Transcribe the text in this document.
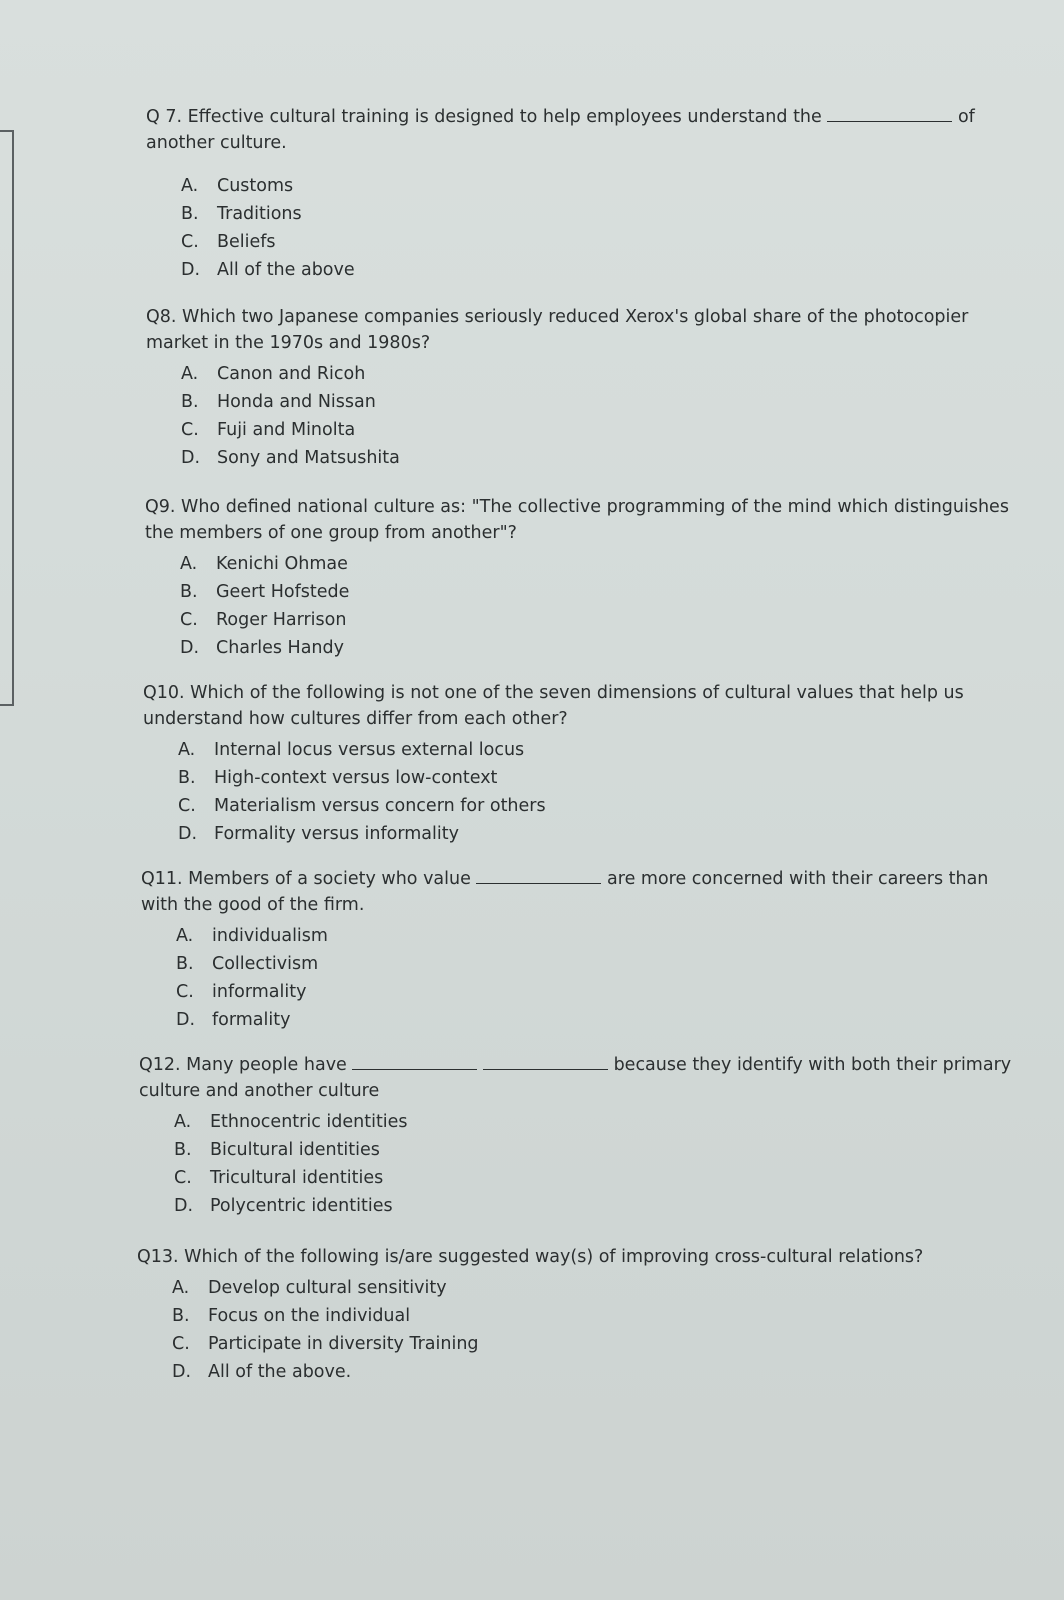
Q 7. Effective cultural training is designed to help employees understand the	of another culture.

A.	Customs
B.	Traditions
C.	Beliefs
D. All of the above

Q8. Which two Japanese companies seriously reduced Xerox's global share of the photocopier market in the 1970s and 1980s?

A.	Canon and Ricoh
B.	Honda and Nissan
C.	Fuji and Minolta
D. Sony and Matsushita

Q9. Who defined national culture as: "The collective programming of the mind which distinguishes the members of one group from another"?

A.	Kenichi Ohmae
B.	Geert Hofstede
C.	Roger Harrison
D. Charles Handy

Q10. Which of the following is not one of the seven dimensions of cultural values that help us understand how cultures differ from each other?

A.	Internal locus versus external locus
B.	High-context versus low-context
C.	Materialism versus concern for others
D. Formality versus informality

Q11. Members of a society who value	are more concerned with their careers than with the good of the firm.

A.	individualism
B.	Collectivism
C.	informality
D. formality

Q12. Many people have	because they identify with both their primary culture and another culture

A.	Ethnocentric identities
B.	Bicultural identities
C.	Tricultural identities
D. Polycentric identities

Q13. Which of the following is/are suggested way(s) of improving cross-cultural relations?

A.	Develop cultural sensitivity
B.	Focus on the individual
C.	Participate in diversity Training
D. All of the above.
